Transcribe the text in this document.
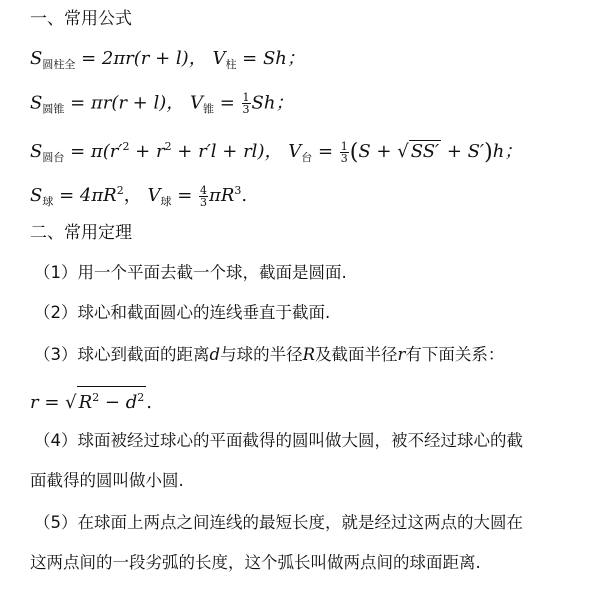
一、常用公式
$S_{圆柱全} = 2\pi r(r + l)$， $V_柱 = Sh$；
$S_{圆锥} = \pi r(r + l)$， $V_锥 = \frac{1}{3}$ Sh；
$S_{圆台} = \pi(r'^2 + r^2 + r'l + rl)$， $V_台 = \frac{1}{3} (S$ + √ SS′ + S′)h；
$S_球 = 4\pi R^2$， $V_球 = \frac{4}{3} \pi R^3$.
二、常用定理
（1）用一个平面去截一个球，截面是圆面.
（2）球心和截面圆心的连线垂直于截面.
（3）球心到截面的距离d与球的半径R及截面半径r有下面关系：
r = √ $R^2 - d^2$ .
（4）球面被经过球心的平面截得的圆叫做大圆，被不经过球心的截
面截得的圆叫做小圆.
（5）在球面上两点之间连线的最短长度，就是经过这两点的大圆在
这两点间的一段劣弧的长度，这个弧长叫做两点间的球面距离.
